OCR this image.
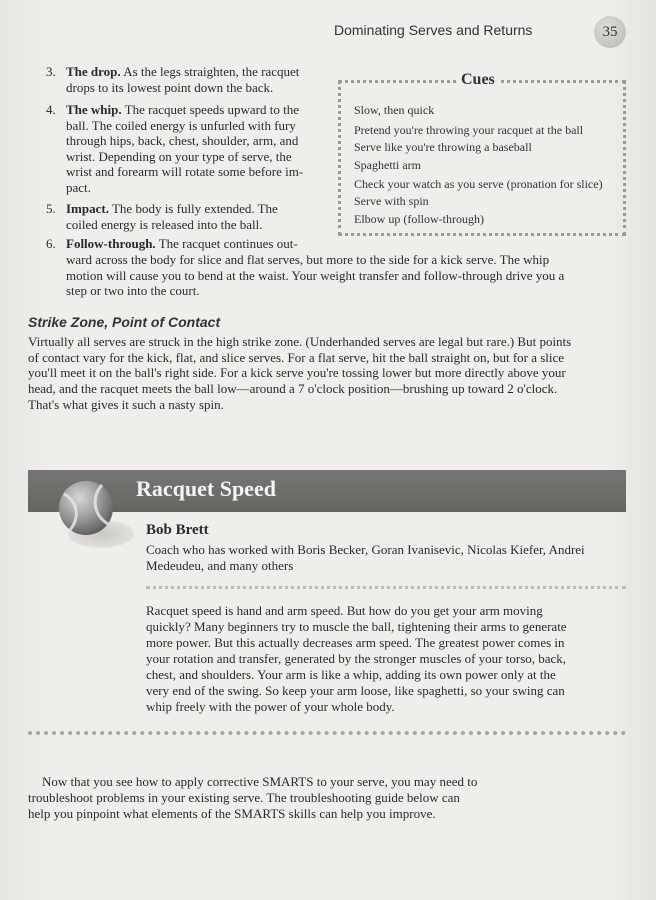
Dominating Serves and Returns	35
3. The drop. As the legs straighten, the racquet
drops to its lowest point down the back.
4. The whip. The racquet speeds upward to the
ball. The coiled energy is unfurled with fury
through hips, back, chest, shoulder, arm, and
wrist. Depending on your type of serve, the
wrist and forearm will rotate some before im-
pact.
5. Impact. The body is fully extended. The
coiled energy is released into the ball.
6. Follow-through. The racquet continues out-
ward across the body for slice and flat serves, but more to the side for a kick serve. The whip
motion will cause you to bend at the waist. Your weight transfer and follow-through drive you a
step or two into the court.
Cues
Slow, then quick
Pretend you're throwing your racquet at the ball
Serve like you're throwing a baseball
Spaghetti arm
Check your watch as you serve (pronation for slice)
Serve with spin
Elbow up (follow-through)
Strike Zone, Point of Contact
Virtually all serves are struck in the high strike zone. (Underhanded serves are legal but rare.) But points
of contact vary for the kick, flat, and slice serves. For a flat serve, hit the ball straight on, but for a slice
you'll meet it on the ball's right side. For a kick serve you're tossing lower but more directly above your
head, and the racquet meets the ball low—around a 7 o'clock position—brushing up toward 2 o'clock.
That's what gives it such a nasty spin.
Racquet Speed
Bob Brett
Coach who has worked with Boris Becker, Goran Ivanisevic, Nicolas Kiefer, Andrei
Medeudeu, and many others
Racquet speed is hand and arm speed. But how do you get your arm moving
quickly? Many beginners try to muscle the ball, tightening their arms to generate
more power. But this actually decreases arm speed. The greatest power comes in
your rotation and transfer, generated by the stronger muscles of your torso, back,
chest, and shoulders. Your arm is like a whip, adding its own power only at the
very end of the swing. So keep your arm loose, like spaghetti, so your swing can
whip freely with the power of your whole body.
Now that you see how to apply corrective SMARTS to your serve, you may need to
troubleshoot problems in your existing serve. The troubleshooting guide below can
help you pinpoint what elements of the SMARTS skills can help you improve.
